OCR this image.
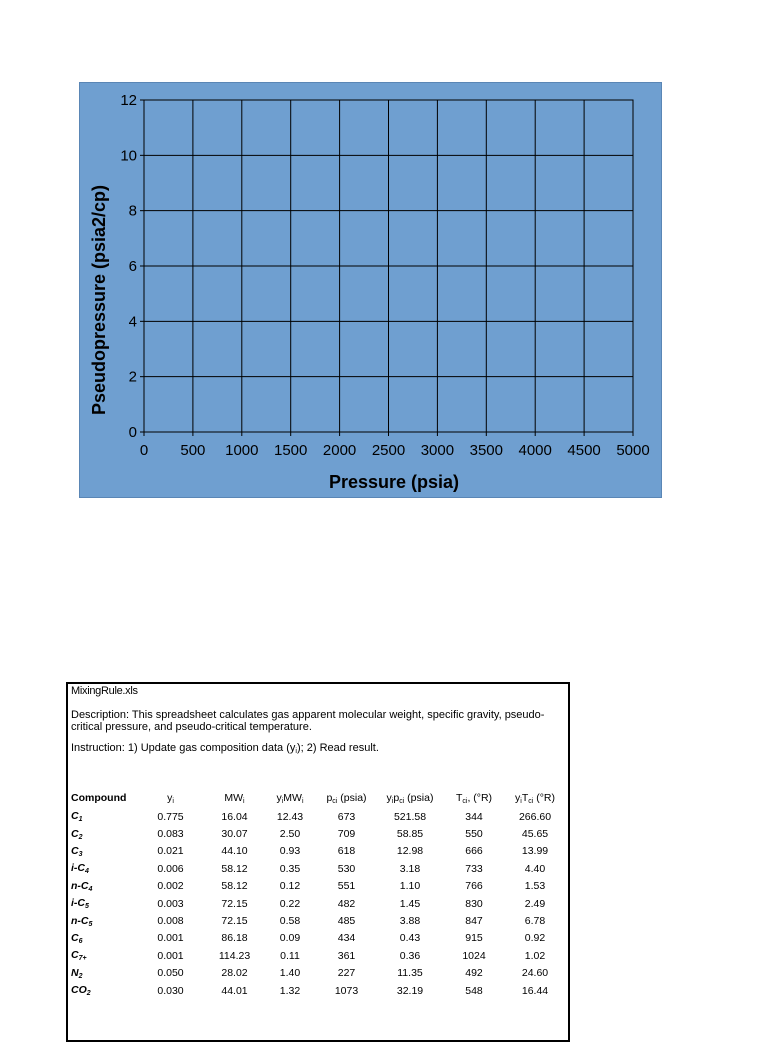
0 500 1000 1500 2000 2500 3000 3500 4000 4500 5000
0
2
4
6
8
10
12
Pressure (psia)
Pseudopressure (psia2/cp)
MixingRule.xls
Description: This spreadsheet calculates gas apparent molecular weight, specific gravity, pseudo-critical pressure, and pseudo-critical temperature.
Instruction: 1) Update gas composition data $(y_i)$; 2) Read result.
Compound	$y_i$	$MW_i$	$y_iMW_i$	$p_{ci}$ (psia)	$y_ip_{ci}$ (psia)	$T_{ci}$, (°R)	$y_iT_{ci}$ (°R)
$C_1$	0.775	16.04	12.43	673	521.58	344	266.60
$C_2$	0.083	30.07	2.50	709	58.85	550	45.65
$C_3$	0.021	44.10	0.93	618	12.98	666	13.99
$i-C_4$	0.006	58.12	0.35	530	3.18	733	4.40
$n-C_4$	0.002	58.12	0.12	551	1.10	766	1.53
$i-C_5$	0.003	72.15	0.22	482	1.45	830	2.49
$n-C_5$	0.008	72.15	0.58	485	3.88	847	6.78
$C_6$	0.001	86.18	0.09	434	0.43	915	0.92
$C_{7+}$	0.001	114.23	0.11	361	0.36	1024	1.02
$N_2$	0.050	28.02	1.40	227	11.35	492	24.60
$CO_2$	0.030	44.01	1.32	1073	32.19	548	16.44
